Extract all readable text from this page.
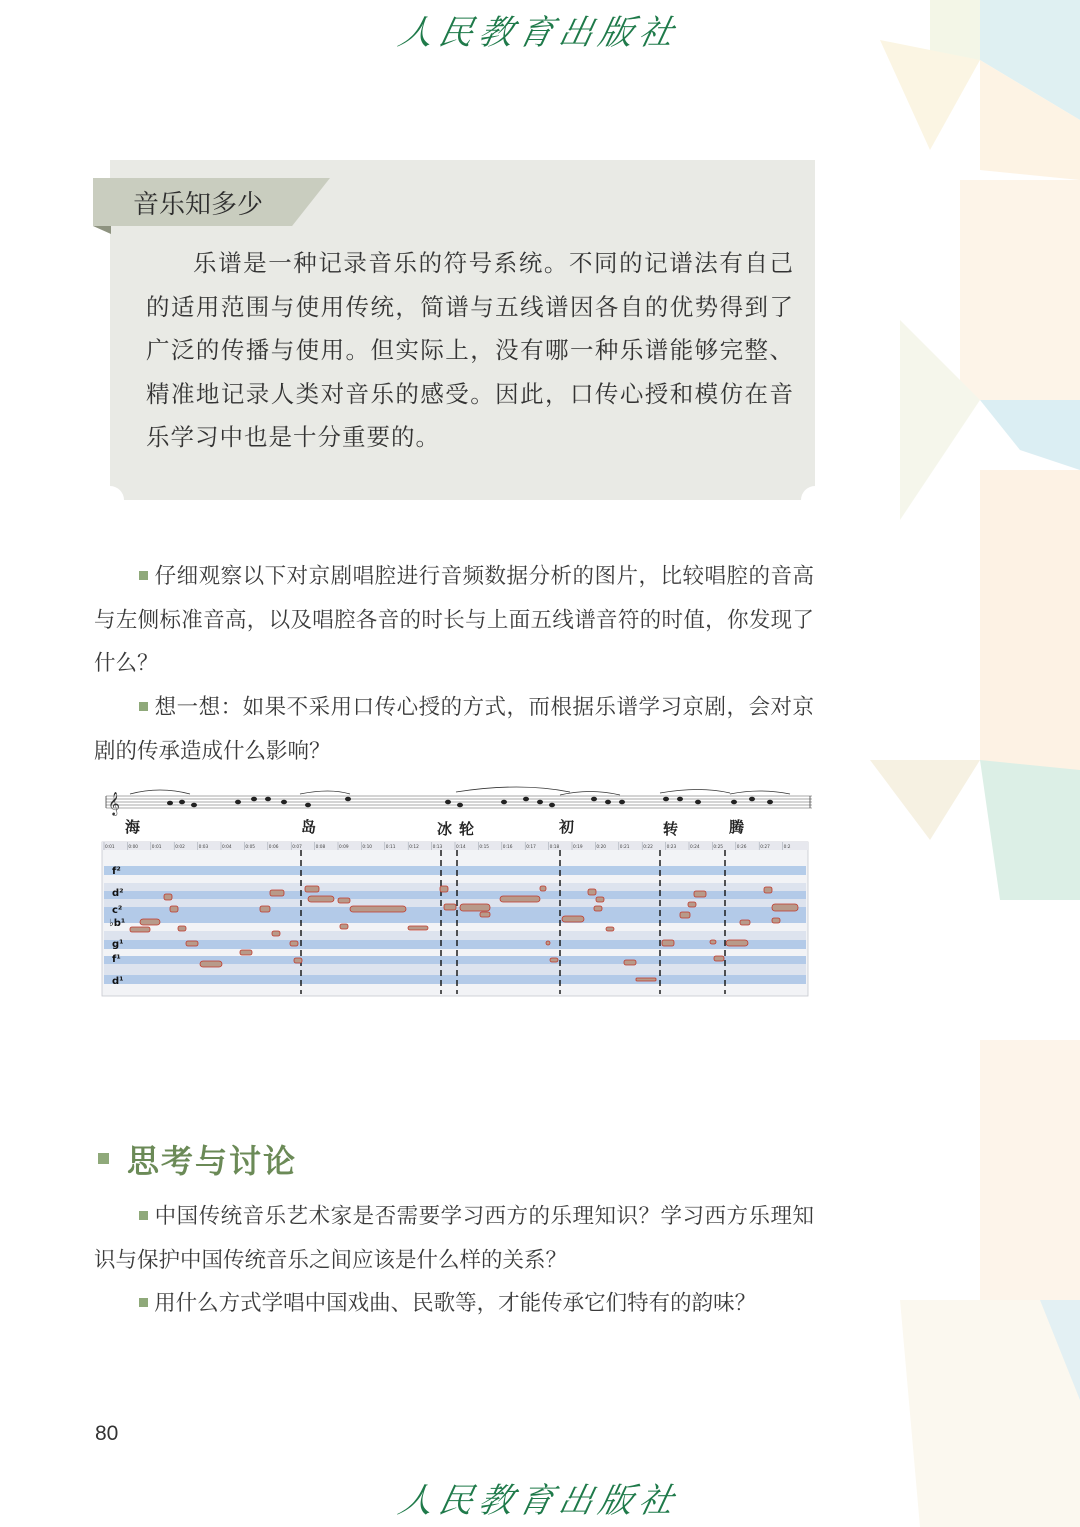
人民教育出版社
音乐知多少
乐谱是一种记录音乐的符号系统。不同的记谱法有自己的适用范围与使用传统，简谱与五线谱因各自的优势得到了广泛的传播与使用。但实际上，没有哪一种乐谱能够完整、精准地记录人类对音乐的感受。因此，口传心授和模仿在音乐学习中也是十分重要的。
仔细观察以下对京剧唱腔进行音频数据分析的图片，比较唱腔的音高与左侧标准音高，以及唱腔各音的时长与上面五线谱音符的时值，你发现了什么？
想一想：如果不采用口传心授的方式，而根据乐谱学习京剧，会对京剧的传承造成什么影响？
𝄞
海	岛	冰 轮	初	转	腾
0:01	0:00	0:01	0:02	0:03	0:04	0:05	0:06	0:07	0:08	0:09	0:10	0:11	0:12	0:13	0:14	0:15	0:16	0:17	0:18	0:19	0:20	0:21	0:22	0:23	0:24	0:25	0:26	0:27	0:2
f²
d²
c²
♭b¹
g¹
f¹
d¹
思考与讨论
中国传统音乐艺术家是否需要学习西方的乐理知识？学习西方乐理知识与保护中国传统音乐之间应该是什么样的关系？
用什么方式学唱中国戏曲、民歌等，才能传承它们特有的韵味？
80
人民教育出版社
